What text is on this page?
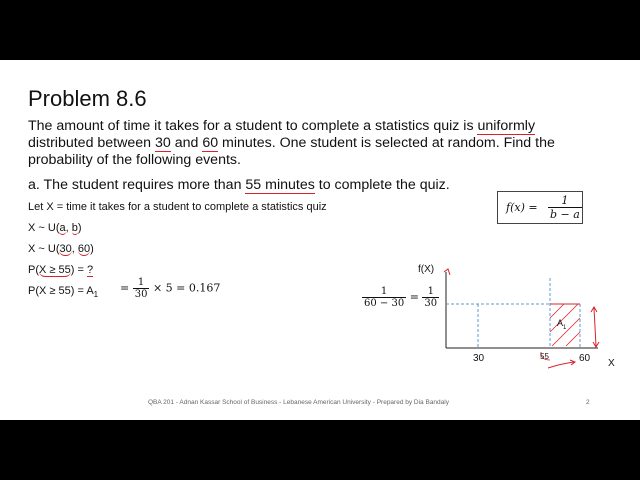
Problem 8.6
The amount of time it takes for a student to complete a statistics quiz is uniformly
distributed between 30 and 60 minutes. One student is selected at random. Find the
probability of the following events.
a. The student requires more than 55 minutes to complete the quiz.
Let X = time it takes for a student to complete a statistics quiz
X ~ U(a, b)
X ~ U(30, 60)
P(X ≥ 55) = ?
$P(X \ge 55) = A_1$
= $\frac{1}{30} \times 5 = 0.167$
$f(x) = \frac{1}{b - a}$
f(X)
A 1
30	55	60 X
$\frac{1}{60 - 30} = \frac{1}{30}$
QBA 201 - Adnan Kassar School of Business - Lebanese American University - Prepared by Dia Bandaly	2
